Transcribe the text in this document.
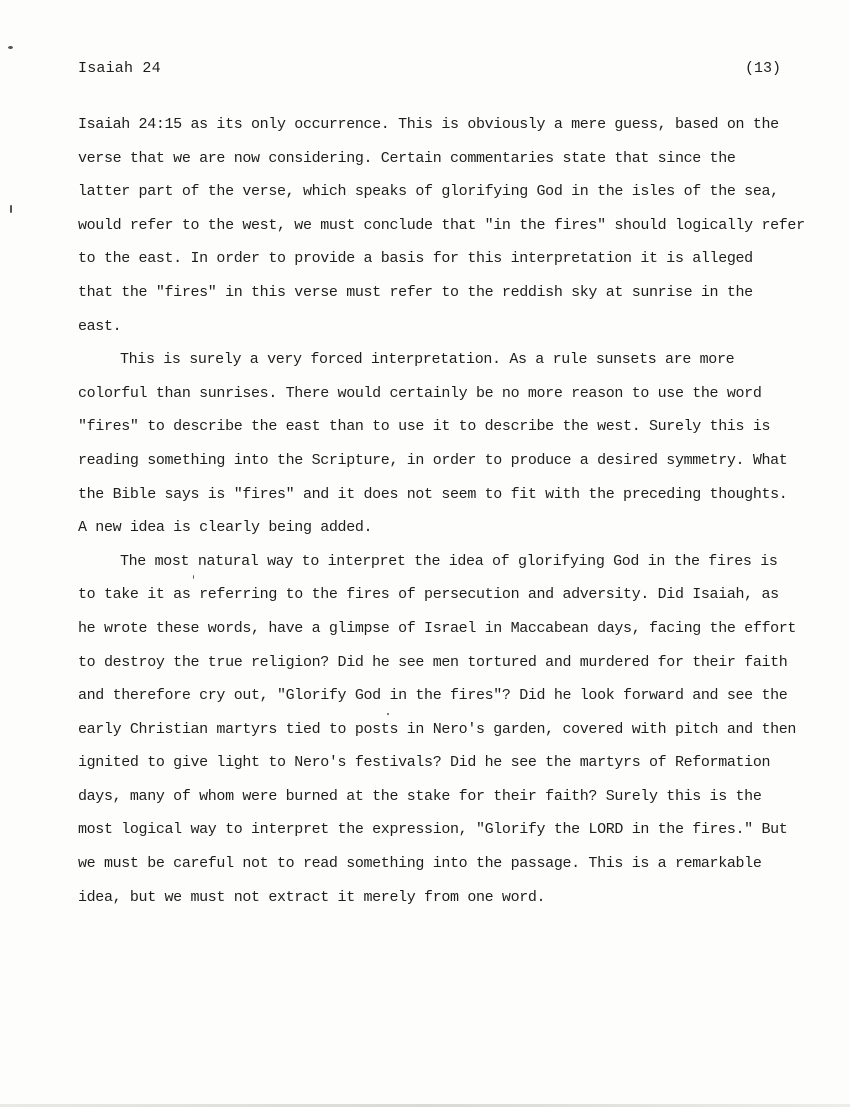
Isaiah 24	(13)
Isaiah 24:15 as its only occurrence. This is obviously a mere guess, based on the
verse that we are now considering. Certain commentaries state that since the
latter part of the verse, which speaks of glorifying God in the isles of the sea,
would refer to the west, we must conclude that "in the fires" should logically refer
to the east. In order to provide a basis for this interpretation it is alleged
that the "fires" in this verse must refer to the reddish sky at sunrise in the
east.
This is surely a very forced interpretation. As a rule sunsets are more
colorful than sunrises. There would certainly be no more reason to use the word
"fires" to describe the east than to use it to describe the west. Surely this is
reading something into the Scripture, in order to produce a desired symmetry. What
the Bible says is "fires" and it does not seem to fit with the preceding thoughts.
A new idea is clearly being added.
The most natural way to interpret the idea of glorifying God in the fires is
to take it as referring to the fires of persecution and adversity. Did Isaiah, as
he wrote these words, have a glimpse of Israel in Maccabean days, facing the effort
to destroy the true religion? Did he see men tortured and murdered for their faith
and therefore cry out, "Glorify God in the fires"? Did he look forward and see the
early Christian martyrs tied to posts in Nero's garden, covered with pitch and then
ignited to give light to Nero's festivals? Did he see the martyrs of Reformation
days, many of whom were burned at the stake for their faith? Surely this is the
most logical way to interpret the expression, "Glorify the LORD in the fires." But
we must be careful not to read something into the passage. This is a remarkable
idea, but we must not extract it merely from one word.
